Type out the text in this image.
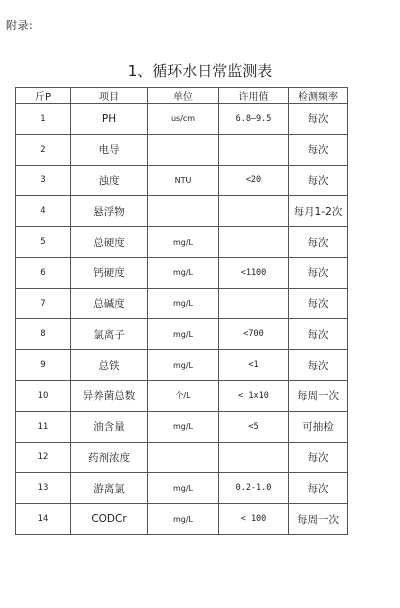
附录:
1、循环水日常监测表
斤P	项目	单位	许用值	检测频率
1	PH	us/cm	6.8—9.5	每次
2	电导			每次
3	浊度	NTU	<20	每次
4	悬浮物			每月1-2次
5	总硬度	mg/L		每次
6	钙硬度	mg/L	<1100	每次
7	总碱度	mg/L		每次
8	氯离子	mg/L	<700	每次
9	总铁	mg/L	<1	每次
10	异养菌总数	个/L	< 1x10	每周一次
11	油含量	mg/L	<5	可抽检
12	药剂浓度			每次
13	游离氯	mg/L	0.2-1.0	每次
14	CODCr	mg/L	< 100	每周一次
